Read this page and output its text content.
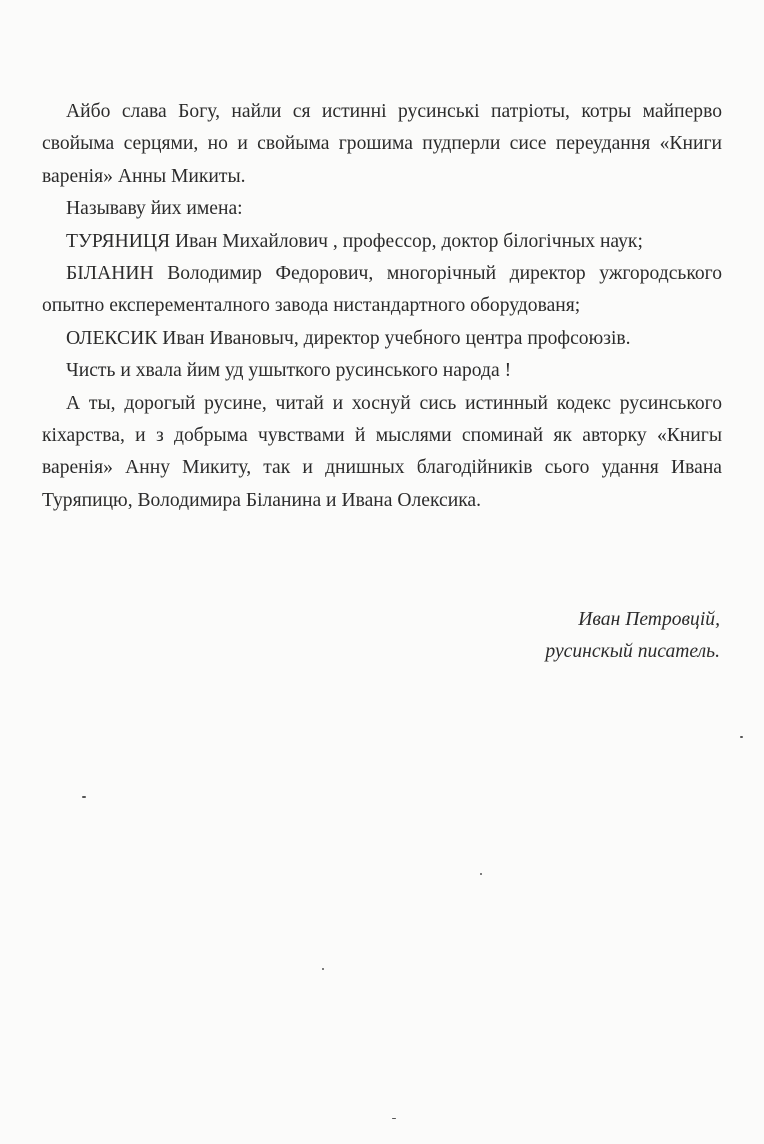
Айбо слава Богу, найли ся истинні русинські патріоты, котры майперво свойыма серцями, но и свойыма грошима пудперли сисе переудання «Книги варенія» Анны Микиты.

Называву йих имена:

ТУРЯНИЦЯ Иван Михайлович , профессор, доктор білогічных наук;

БІЛАНИН Володимир Федорович, многорічный директор ужгородського опытно експеременталного завода нистандартного оборудованя;

ОЛЕКСИК Иван Ивановыч, директор учебного центра профсоюзів.

Чисть и хвала йим уд ушыткого русинського народа !

А ты, дорогый русине, читай и хоснуй сись истинный кодекс русинського кіхарства, и з добрыма чувствами й мыслями споминай як авторку «Книгы варенія» Анну Микиту, так и днишных благодійників сього удання Ивана Туряпицю, Володимира Біланина и Ивана Олексика.

Иван Петровцій,
русинскый писатель.
